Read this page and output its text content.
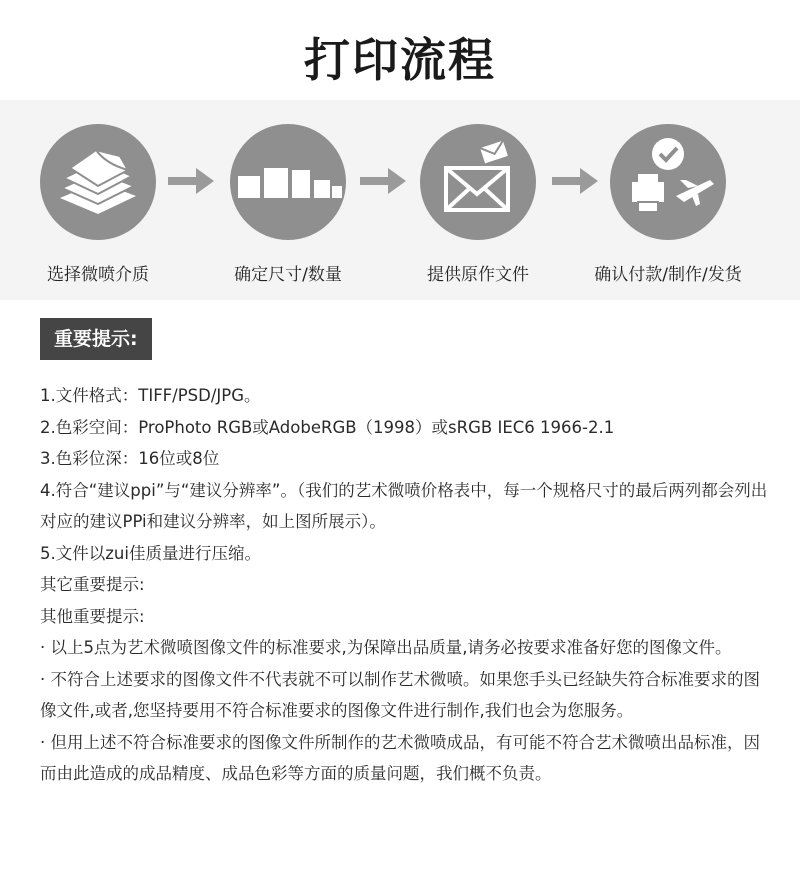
打印流程
选择微喷介质	确定尺寸/数量	提供原作文件	确认付款/制作/发货
重要提示:

1.文件格式：TIFF/PSD/JPG。

2.色彩空间：ProPhoto RGB或AdobeRGB（1998）或sRGB IEC6 1966-2.1

3.色彩位深：16位或8位

4.符合“建议ppi”与“建议分辨率”。（我们的艺术微喷价格表中，每一个规格尺寸的最后两列都会列出对应的建议PPi和建议分辨率，如上图所展示）。

5.文件以zui佳质量进行压缩。

其它重要提示:

其他重要提示:

· 以上5点为艺术微喷图像文件的标准要求,为保障出品质量,请务必按要求准备好您的图像文件。

· 不符合上述要求的图像文件不代表就不可以制作艺术微喷。如果您手头已经缺失符合标准要求的图像文件,或者,您坚持要用不符合标准要求的图像文件进行制作,我们也会为您服务。

· 但用上述不符合标准要求的图像文件所制作的艺术微喷成品，有可能不符合艺术微喷出品标准，因而由此造成的成品精度、成品色彩等方面的质量问题，我们概不负责。
